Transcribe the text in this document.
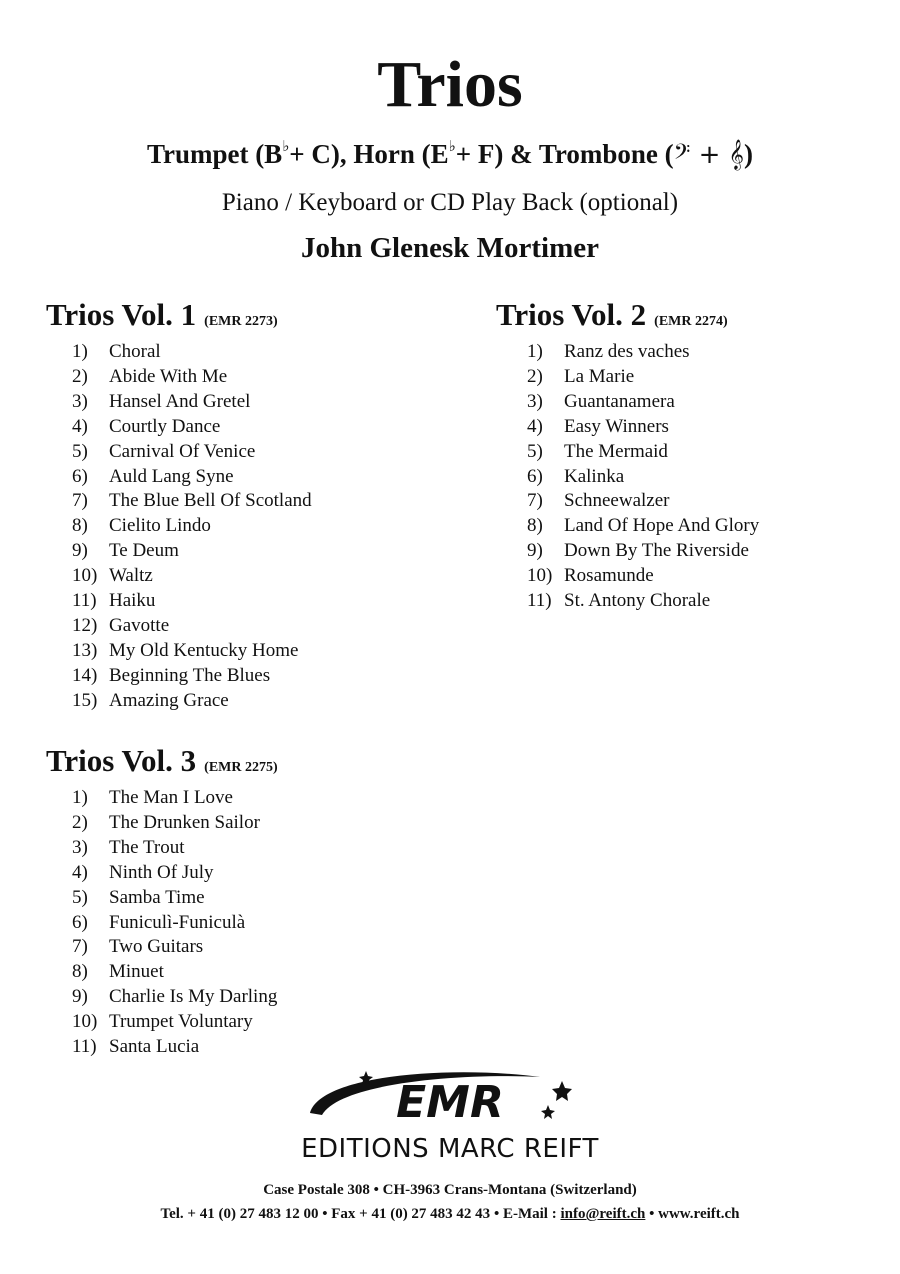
Trios
Trumpet (B♭+ C), Horn (E♭+ F) & Trombone (𝄢 + 𝄞)
Piano / Keyboard or CD Play Back (optional)
John Glenesk Mortimer
Trios Vol. 1 (EMR 2273)
1) Choral
2) Abide With Me
3) Hansel And Gretel
4) Courtly Dance
5) Carnival Of Venice
6) Auld Lang Syne
7) The Blue Bell Of Scotland
8) Cielito Lindo
9) Te Deum
10) Waltz
11) Haiku
12) Gavotte
13) My Old Kentucky Home
14) Beginning The Blues
15) Amazing Grace
Trios Vol. 2 (EMR 2274)
1) Ranz des vaches
2) La Marie
3) Guantanamera
4) Easy Winners
5) The Mermaid
6) Kalinka
7) Schneewalzer
8) Land Of Hope And Glory
9) Down By The Riverside
10) Rosamunde
11) St. Antony Chorale
Trios Vol. 3 (EMR 2275)
1) The Man I Love
2) The Drunken Sailor
3) The Trout
4) Ninth Of July
5) Samba Time
6) Funiculì-Funiculà
7) Two Guitars
8) Minuet
9) Charlie Is My Darling
10) Trumpet Voluntary
11) Santa Lucia
EMR
EDITIONS MARC REIFT
Case Postale 308 • CH-3963 Crans-Montana (Switzerland)
Tel. + 41 (0) 27 483 12 00 • Fax + 41 (0) 27 483 42 43 • E-Mail : info@reift.ch • www.reift.ch
